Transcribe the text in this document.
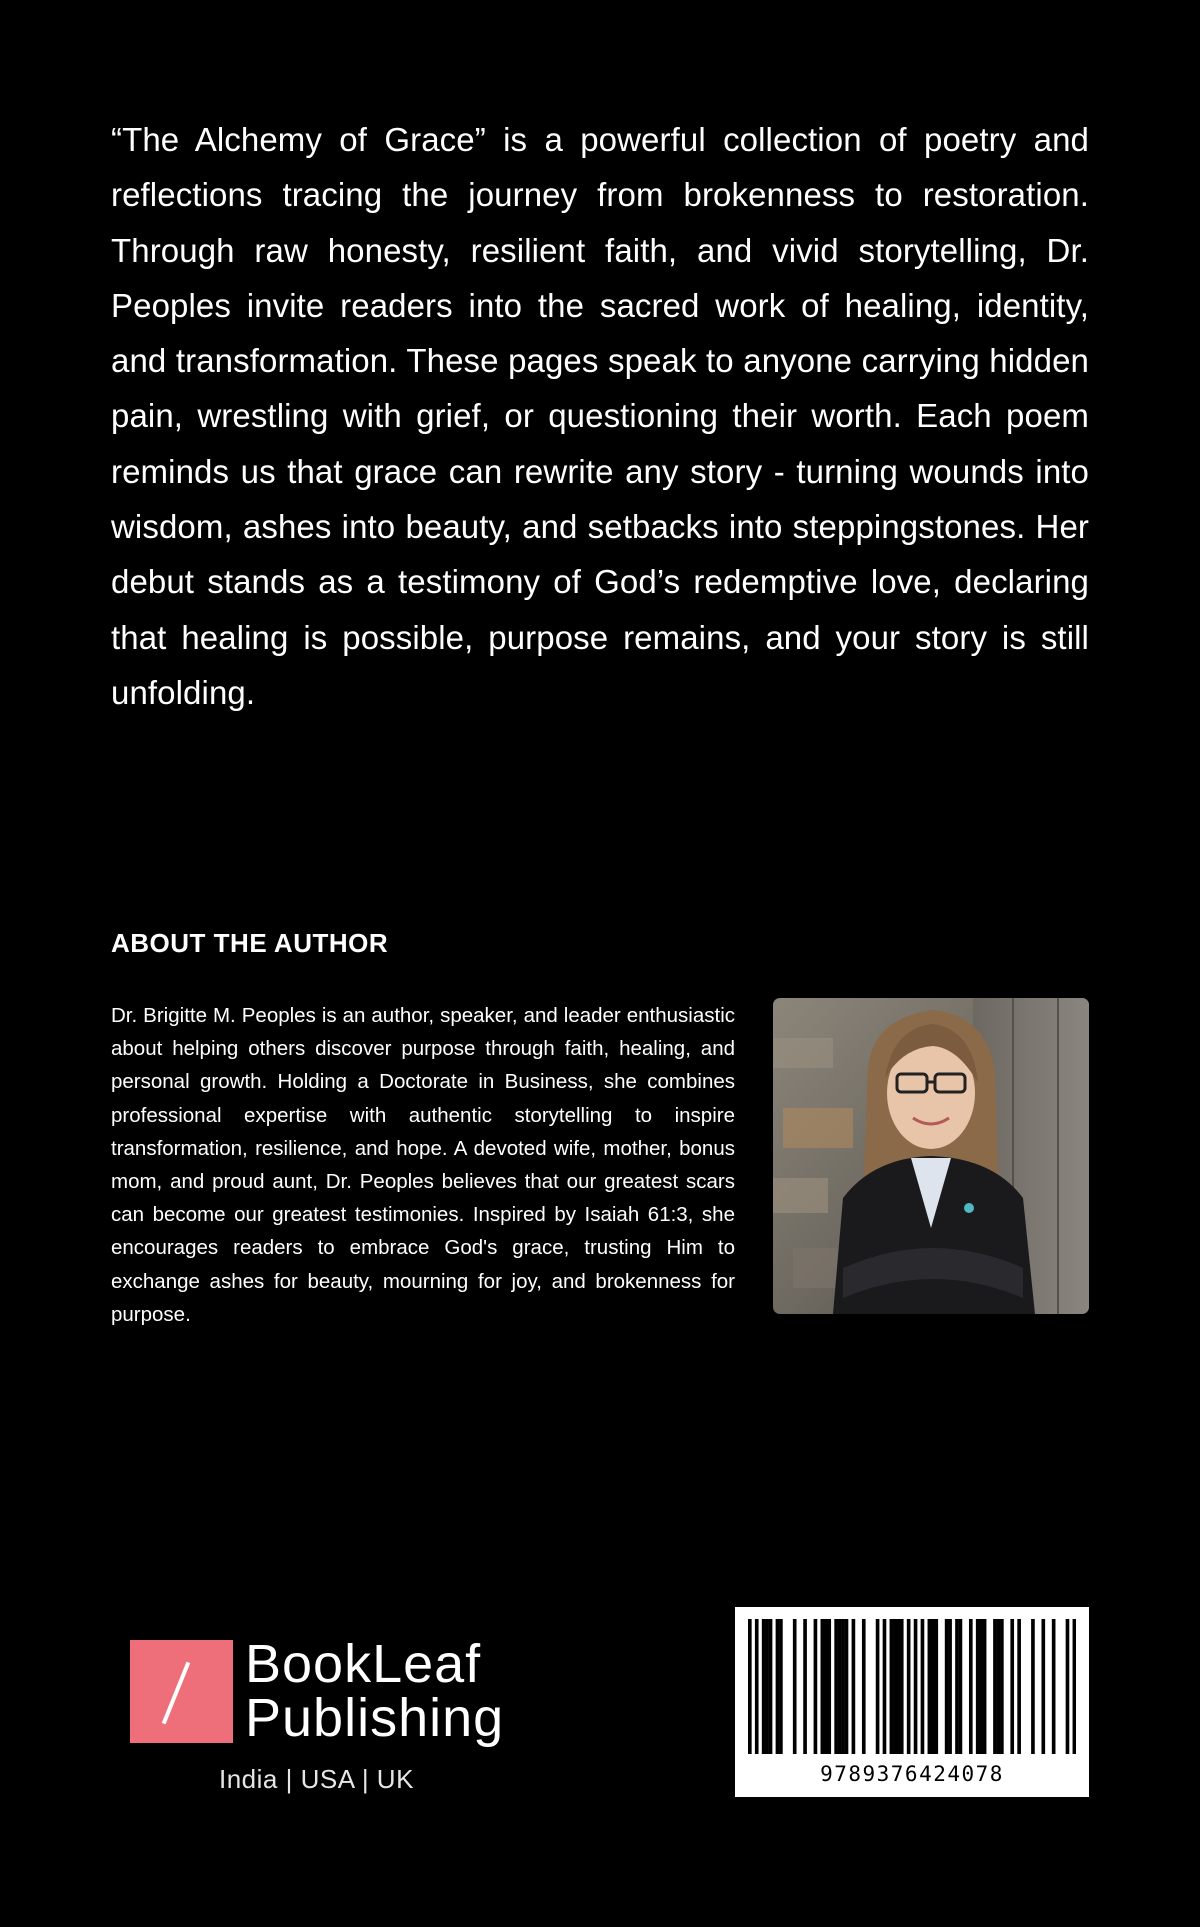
“The Alchemy of Grace” is a powerful collection of poetry and reflections tracing the journey from brokenness to restoration. Through raw honesty, resilient faith, and vivid storytelling, Dr. Peoples invite readers into the sacred work of healing, identity, and transformation. These pages speak to anyone carrying hidden pain, wrestling with grief, or questioning their worth. Each poem reminds us that grace can rewrite any story - turning wounds into wisdom, ashes into beauty, and setbacks into steppingstones. Her debut stands as a testimony of God’s redemptive love, declaring that healing is possible, purpose remains, and your story is still unfolding.

ABOUT THE AUTHOR

Dr. Brigitte M. Peoples is an author, speaker, and leader enthusiastic about helping others discover purpose through faith, healing, and personal growth. Holding a Doctorate in Business, she combines professional expertise with authentic storytelling to inspire transformation, resilience, and hope. A devoted wife, mother, bonus mom, and proud aunt, Dr. Peoples believes that our greatest scars can become our greatest testimonies. Inspired by Isaiah 61:3, she encourages readers to embrace God's grace, trusting Him to exchange ashes for beauty, mourning for joy, and brokenness for purpose.

BookLeaf

Publishing

India | USA | UK	9789376424078
